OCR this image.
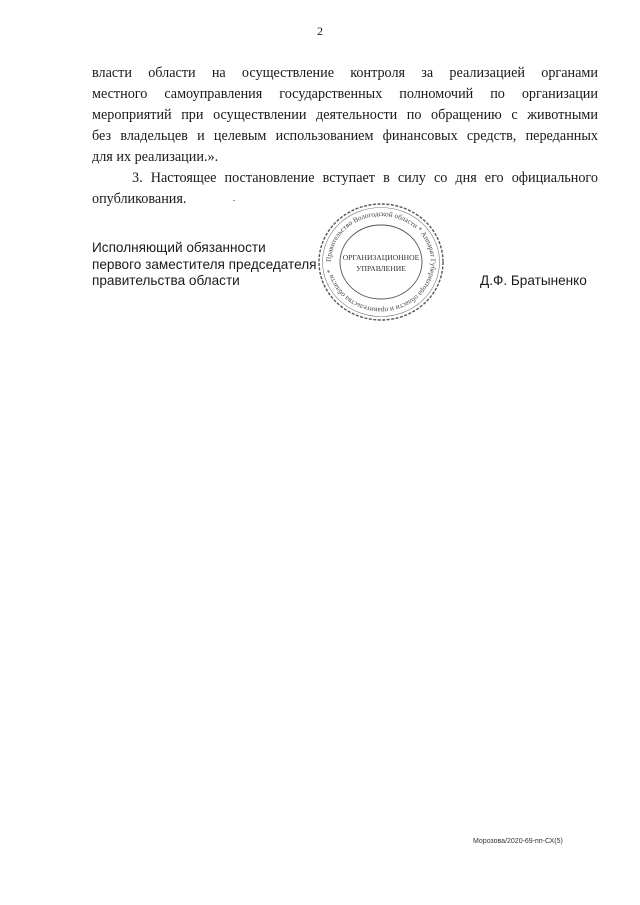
2

власти области на осуществление контроля за реализацией органами
местного самоуправления государственных полномочий по организации
мероприятий при осуществлении деятельности по обращению с животными
без владельцев и целевым использованием финансовых средств, переданных
для их реализации.».

3. Настоящее постановление вступает в силу со дня его официального
опубликования.

Исполняющий обязанности
первого заместителя председателя
правительства области
Правительство Вологодской области * Аппарат Губернатора области и правительства области *
ОРГАНИЗАЦИОННОЕ
УПРАВЛЕНИЕ
Д.Ф. Братыненко
Морозова/2020-69-пп-СХ(5)
